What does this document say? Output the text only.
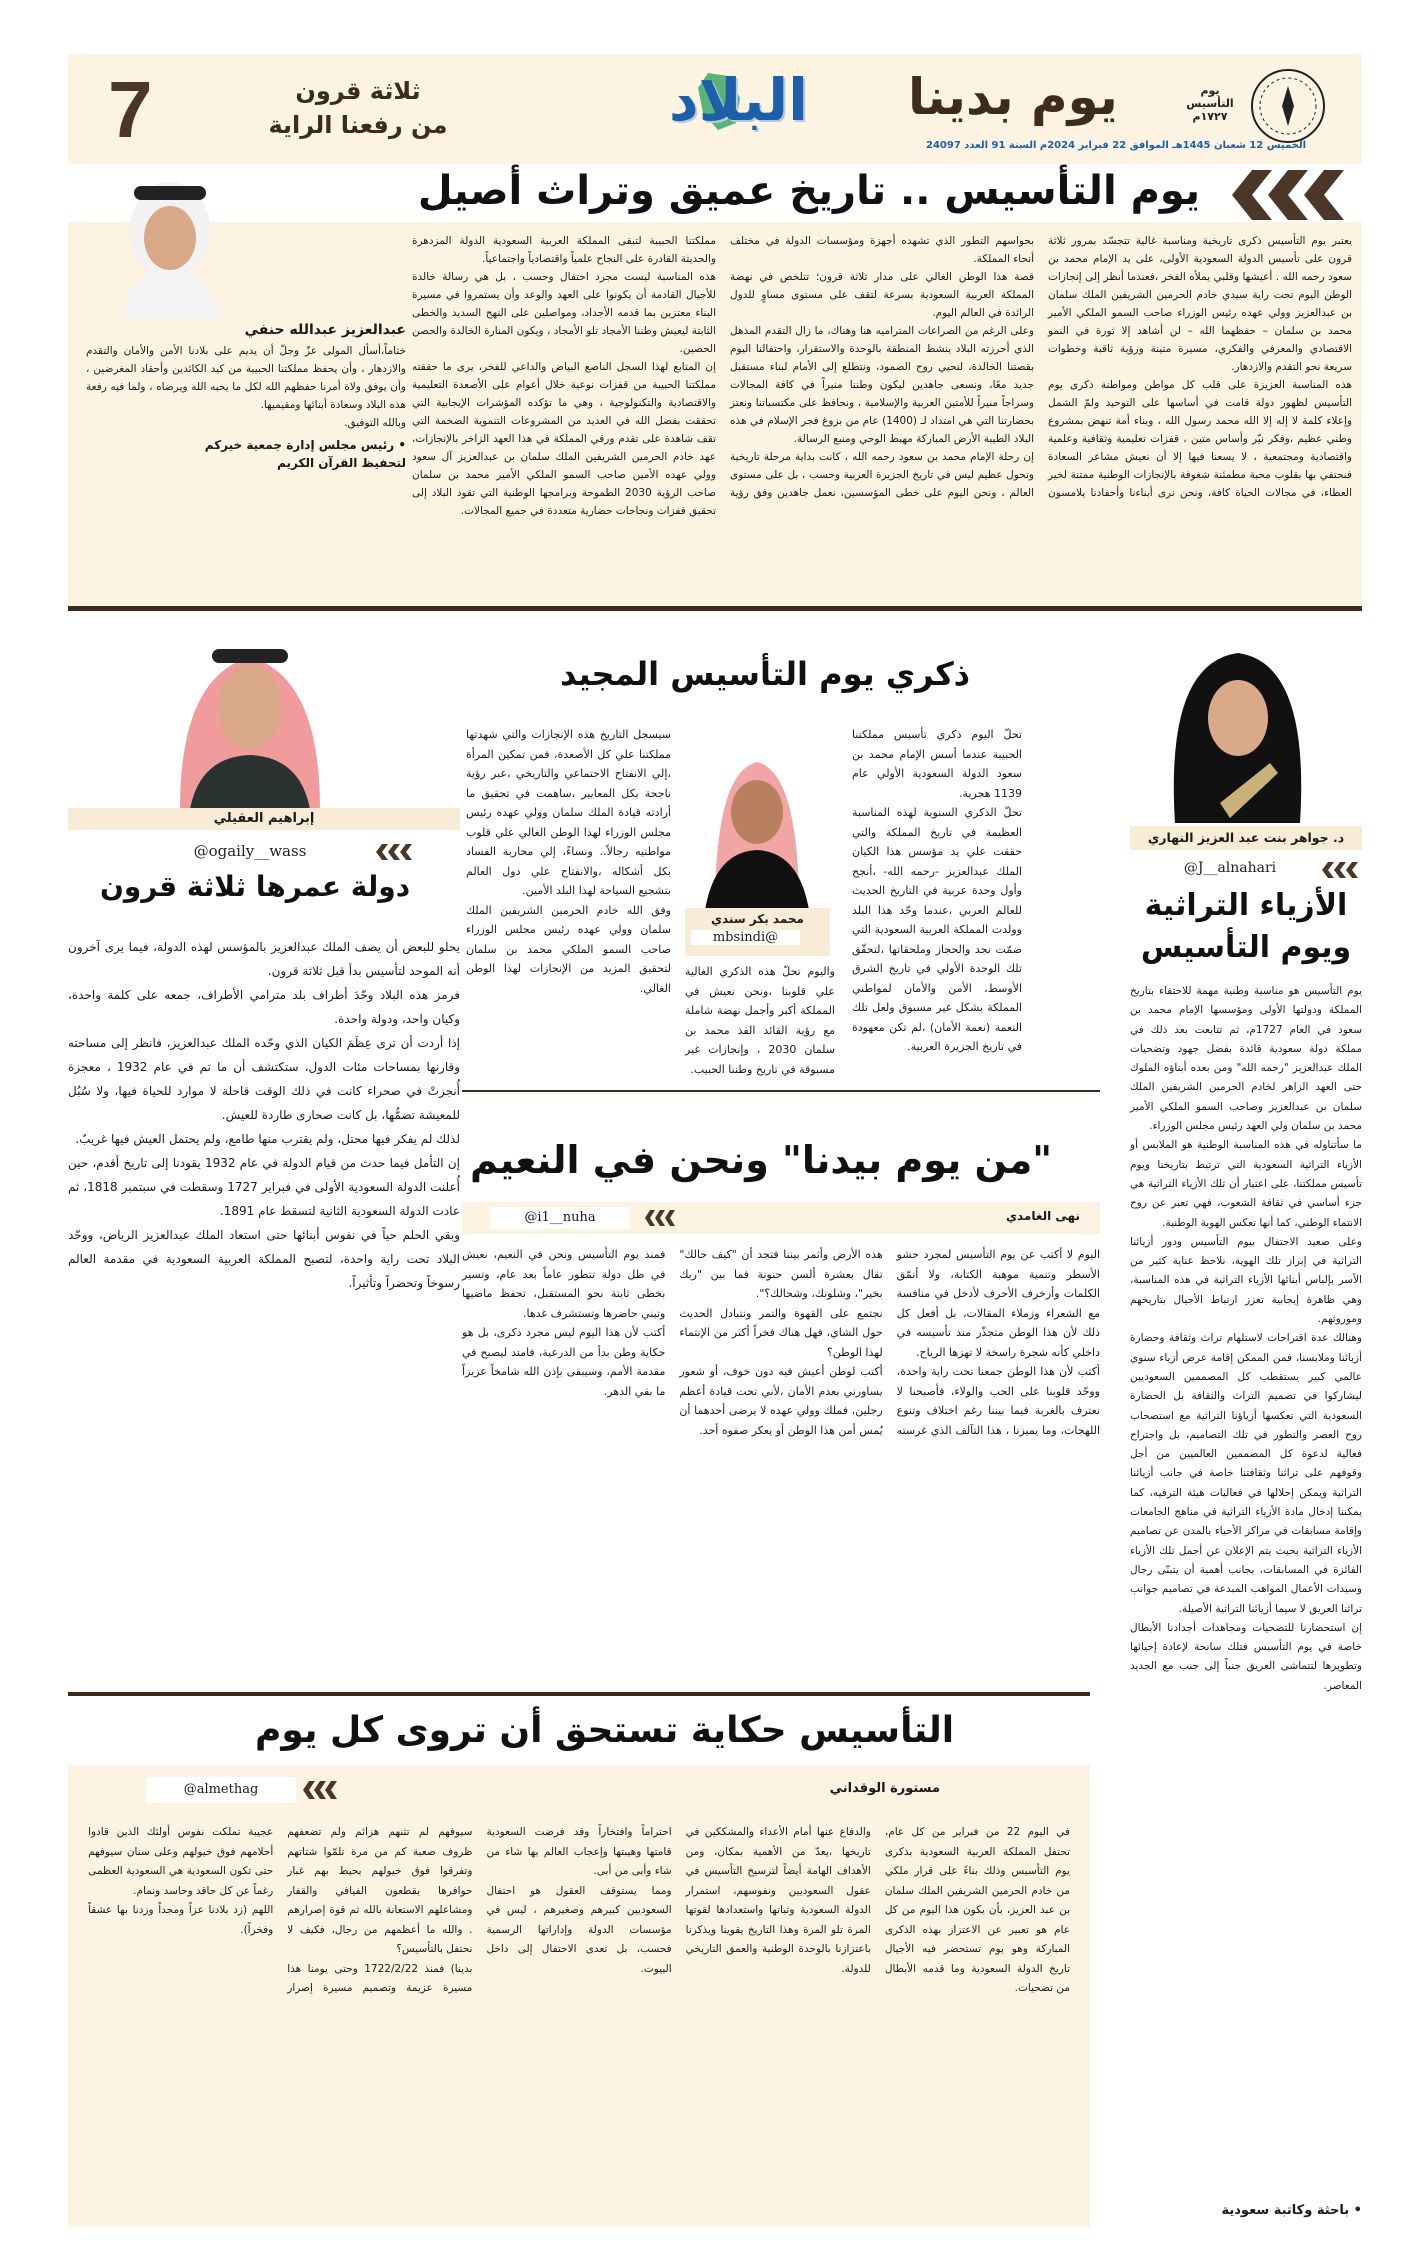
7	ثلاثة قرون
من رفعنا الراية	البلاد يوم بدينا
الخميس 12 شعبان 1445هـ الموافق 22 فبراير 2024م السنة 91 العدد 24097
يوم التأسيس ١٧٢٧م
يوم التأسيس .. تاريخ عميق وتراث أصيل

يعتبر يوم التأسيس ذكرى تاريخية ومناسبة غالية تتجسّد بمرور ثلاثة قرون على تأسيس الدولة السعودية الأولى، على يد الإمام محمد بن سعود رحمه الله . أعيشها وقلبي يملأه الفخر ،فعندما أنظر إلى إنجازات الوطن اليوم تحت راية سيدي خادم الحرمين الشريفين الملك سلمان بن عبدالعزيز وولي عهده رئيس الوزراء صاحب السمو الملكي الأمير محمد بن سلمان – حفظهما الله – لن أشاهد إلا ثورة في النمو الاقتصادي والمعرفي والفكري، مسيرة متينة ورؤية ثاقبة وخطوات سريعة نحو التقدم والازدهار.

هذه المناسبة العزيزة على قلب كل مواطن ومواطنة ذكرى يوم التأسيس لظهور دولة قامت في أساسها على التوحيد ولمّ الشمل وإعلاء كلمة لا إله إلا الله محمد رسول الله ، وبناء أمة تنهض بمشروع وطني عظيم ،وفكر نيّر وأساس متين ، قفزات تعليمية وثقافية وعلمية واقتصادية ومجتمعية ، لا يسعنا فيها إلا أن نعيش مشاعر السعادة فنحتفي بها بقلوب محبة مطمئنة شغوفة بالإنجازات الوطنية ممتنة لخير العطاء، في مجالات الحياة كافة، ونحن نرى أبناءنا وأحفادنا يلامسون بحواسهم التطور الذي تشهده أجهزة ومؤسسات الدولة في مختلف أنحاء المملكة.

قصة هذا الوطن الغالي على مدار ثلاثة قرون؛ تتلخص في نهضة المملكة العربية السعودية بسرعة لتقف على مستوى مساوٍ للدول الرائدة في العالم اليوم.

وعلى الرغم من الصراعات المتراميه هنا وهناك، ما زال التقدم المذهل الذي أحرزته البلاد ينشط المنطقة بالوحدة والاستقرار، واحتفالنا اليوم بقصتنا الخالدة، لنحيي روح الصمود، ونتطلع إلى الأمام لبناء مستقبل جديد معًا، ونسعى جاهدين ليكون وطننا منبراً في كافة المجالات وسراجاً منيراً للأمتين العربية والإسلامية ، ونحافظ على مكتسباتنا ونعتز بحضارتنا التي هي امتداد لـ (1400) عام من بزوغ فجر الإسلام في هذه البلاد الطيبة الأرض المباركة مهبط الوحي ومنبع الرسالة.

إن رحلة الإمام محمد بن سعود رحمه الله ، كانت بداية مرحلة تاريخية وتحول عظيم ليس في تاريخ الجزيرة العربية وحسب ، بل على مستوى العالم ، ونحن اليوم على خطى المؤسسين، نعمل جاهدين وفق رؤية مملكتنا الحبيبة لتبقى المملكة العربية السعودية الدولة المزدهرة والحديثة القادرة على النجاح علمياً واقتصادياً واجتماعياً.

هذه المناسبة ليست مجرد احتفال وحسب ، بل هي رسالة خالدة للأجيال القادمة أن يكونوا على العهد والوعد وأن يستمروا في مسيرة البناء معتزين بما قدمه الأجداد، ومواصلين على النهج السديد والخطى الثابتة ليعيش وطننا الأمجاد تلو الأمجاد ، ويكون المنارة الخالدة والحصن الحصين.

إن المتابع لهذا السجل الناصع البياض والداعي للفخر، يرى ما حققته مملكتنا الحبيبة من قفزات نوعية خلال أعوام على الأصعدة التعليمية والاقتصادية والتكنولوجية ، وهي ما تؤكده المؤشرات الإيجابية التي تحققت بفضل الله في العديد من المشروعات التنموية الضخمة التي تقف شاهدة على تقدم ورقي المملكة في هذا العهد الزاخر بالإنجازات، عهد خادم الحرمين الشريفين الملك سلمان بن عبدالعزيز آل سعود وولي عهده الأمين صاحب السمو الملكي الأمير محمد بن سلمان صاحب الرؤية 2030 الطموحة وبرامجها الوطنية التي تقود البلاد إلى تحقيق قفزات ونجاحات حضارية متعددة في جميع المجالات.

عبدالعزيز عبدالله حنفي

ختاماً،أسأل المولى عزّ وجلّ أن يديم على بلادنا الأمن والأمان والتقدم والازدهار ، وأن يحفظ مملكتنا الحبيبة من كيد الكائدين وأحقاد المغرضين ، وأن يوفق ولاة أمرنا حفظهم الله لكل ما يحبه الله ويرضاه ، ولما فيه رفعة هذه البلاد وسعادة أبنائها ومقيميها.

وبالله التوفيق.

• رئيس مجلس إدارة جمعية خيركم
لتحفيظ القرآن الكريم
إبراهيم العقيلي
@ogaily__wass
دولة عمرها ثلاثة قرون

يحلو للبعض أن يصف الملك عبدالعزيز بالمؤسس لهذه الدولة، فيما يرى آخرون أنه الموحد لتأسيس بدأ قبل ثلاثة قرون.

فرمز هذه البلاد وحّدَ أطراف بلد مترامي الأطراف، جمعه على كلمة واحدة، وكيان واحد، ودولة واحدة.

إذا أردت أن ترى عِظَمَ الكيان الذي وحّده الملك عبدالعزيز، فانظر إلى مساحته وقارنها بمساحات مئات الدول، ستكتشف أن ما تم في عام 1932 ، معجزة أُنجزتْ في صحراء كانت في ذلك الوقت قاحلة لا موارد للحياة فيها، ولا سُبُل للمعيشة تضمُّها، بل كانت صحارى طاردة للعيش.

لذلك لم يفكر فيها محتل، ولم يقترب منها طامع، ولم يحتمل العيش فيها غريبٌ.

إن التأمل فيما حدث من قيام الدولة في عام 1932 يقودنا إلى تاريخ أقدم، حين أُعلنت الدولة السعودية الأولى في فبراير 1727 وسقطت في سبتمبر 1818، ثم عادت الدولة السعودية الثانية لتسقط عام 1891.

وبقي الحلم حياً في نفوس أبنائها حتى استعاد الملك عبدالعزيز الرياض، ووحّد البلاد تحت راية واحدة، لتصبح المملكة العربية السعودية في مقدمة العالم رسوخاً وتحضراً وتأثيراً.

ذكري يوم التأسيس المجيد

تحلّ اليوم ذكري تأسيس مملكتنا الحبيبة عندما أسس الإمام محمد بن سعود الدولة السعودية الأولي عام 1139 هجرية.

تحلّ الذكري السنوية لهذه المناسبة العظيمة في تاريخ المملكة والتي حققت علي يد مؤسس هذا الكيان الملك عبدالعزيز -رحمه الله- ،أنجح وأول وحدة عربية في التاريخ الحديث للعالم العربي ،عندما وحّد هذا البلد وولدت المملكة العربية السعودية التي ضمّت نجد والحجاز وملحقاتها ،لتحقّق تلك الوحدة الأولي في تاريخ الشرق الأوسط، الأمن والأمان لمواطني المملكة بشكل غير مسبوق ولعل تلك النعمة (نعمة الأمان) ،لم تكن معهودة في تاريخ الجزيرة العربية.

محمد بكر سندي
@mbsindi

واليوم تحلّ هذه الذكري الغالية علي قلوبنا ،ونحن نعيش في المملكة أكبر وأجمل نهضة شاملة مع رؤية القائد الفذ محمد بن سلمان 2030 ، وإنجازات غير مسبوقة في تاريخ وطننا الحبيب.

سيسجل التاريخ هذه الإنجازات والتي شهدتها مملكتنا علي كل الأصعدة، فمن تمكين المرأة ،إلي الانفتاح الاجتماعي والتاريخي ،عبر رؤية ناجحة بكل المعايير ،ساهمت في تحقيق ما أرادته قيادة الملك سلمان وولي عهده رئيس مجلس الوزراء لهذا الوطن الغالي علي قلوب مواطنيه رجالاً.. ونساءً، إلي محاربة الفساد بكل أشكاله ،والانفتاح علي دول العالم بتشجيع السياحة لهذا البلد الأمين.

وفق الله خادم الحرمين الشريفين الملك سلمان وولي عهده رئيس مجلس الوزراء صاحب السمو الملكي محمد بن سلمان لتحقيق المزيد من الإنجازات لهذا الوطن الغالي.

"من يوم بيدنا" ونحن في النعيم
نهى الغامدي
@i1__nuha

اليوم لا أكتب عن يوم التأسيس لمجرد حشو الأسطر وتنمية موهبة الكتابة، ولا أنمّق الكلمات وأزخرف الأحرف لأدخل في منافسة مع الشعراء وزملاء المقالات، بل أفعل كل ذلك لأن هذا الوطن متجذّر منذ تأسيسه في داخلي كأنه شجرة راسخة لا تهزها الرياح.

أكتب لأن هذا الوطن جمعنا تحت راية واحدة، ووحّد قلوبنا على الحب والولاء، فأصبحنا لا نعترف بالغربة فيما بيننا رغم اختلاف وتنوع اللهجات، وما يميزنا ، هذا التآلف الذي غرسته هذه الأرض وأثمر بيننا فتجد أن "كيف حالك" تقال بعشرة ألسن حنونة فما بين "ربك بخير"، وشلونك، وشحالك؟".

نجتمع على القهوة والتمر ونتبادل الحديث حول الشاي، فهل هناك فخراً أكثر من الإنتماء لهذا الوطن؟

أكتب لوطن أعيش فيه دون خوف، أو شعور يساورني بعدم الأمان ،لأني تحت قيادة أعظم رجلين، فملك وولي عهده لا يرضى أحدهما أن يُمس أمن هذا الوطن أو يعكر صفوه أحد.

فمنذ يوم التأسيس ونحن في النعيم، نعيش في ظل دولة تتطور عاماً بعد عام، وتسير بخطى ثابتة نحو المستقبل، تحفظ ماضيها وتبني حاضرها وتستشرف غدها.

أكتب لأن هذا اليوم ليس مجرد ذكرى، بل هو حكاية وطن بدأ من الدرعية، فامتد ليصبح في مقدمة الأمم، وسيبقى بإذن الله شامخاً عزيزاً ما بقي الدهر.

د. جواهر بنت عبد العزيز النهاري
@J__alnahari
الأزياء التراثية
ويوم التأسيس

يوم التأسيس هو مناسبة وطنية مهمة للاحتفاء بتاريخ المملكة ودولتها الأولى ومؤسسها الإمام محمد بن سعود في العام 1727م، ثم تتابعت بعد ذلك في مملكة دولة سعودية قائدة بفضل جهود وتضحيات الملك عبدالعزيز "رحمه الله" ومن بعده أبناؤه الملوك حتى العهد الزاهر لخادم الحرمين الشريفين الملك سلمان بن عبدالعزيز وصاحب السمو الملكي الأمير محمد بن سلمان ولي العهد رئيس مجلس الوزراء.

ما سأتناوله في هذه المناسبة الوطنية هو الملابس أو الأزياء التراثية السعودية التي ترتبط بتاريخنا ويوم تأسيس مملكتنا، على اعتبار أن تلك الأزياء التراثية هي جزء أساسي في ثقافة الشعوب، فهي تعبر عن روح الانتماء الوطني، كما أنها تعكس الهوية الوطنية.

وعلى صعيد الاحتفال بيوم التأسيس ودور أزيائنا التراثية في إبراز تلك الهوية، نلاحظ عناية كثير من الأسر بإلباس أبنائها الأزياء التراثية في هذه المناسبة، وهي ظاهرة إيجابية تعزز ارتباط الأجيال بتاريخهم وموروثهم.

وهنالك عدة اقتراحات لاستلهام تراث وثقافة وحضارة أزيائنا وملابسنا، فمن الممكن إقامة عرض أزياء سنوي عالمي كبير يستقطب كل المصممين السعوديين ليشاركوا في تصميم التراث والثقافة بل الحضارة السعودية التي تعكسها أزياؤنا التراثية مع استصحاب روح العصر والتطور في تلك التصاميم، بل واجتراح فعالية لدعوة كل المصممين العالميين من أجل وقوفهم على تراثنا وثقافتنا خاصة في جانب أزيائنا التراثية ويمكن إحلالها في فعاليات هيئة الترفيه، كما يمكننا إدخال مادة الأزياء التراثية في مناهج الجامعات وإقامة مسابقات في مراكز الأحياء بالمدن عن تصاميم الأزياء التراثية بحيث يتم الإعلان عن أجمل تلك الأزياء الفائزة في المسابقات، بجانب أهمية أن يتبنّى رجال وسيدات الأعمال المواهب المبدعة في تصاميم جوانب تراثنا العريق لا سيما أزيائنا التراثية الأصيلة.

إن استحضارنا للتضحيات ومجاهدات أجدادنا الأبطال خاصة في يوم التأسيس فتلك سانحة لإعادة إحيائها وتطويرها لتتماشى العريق جنباً إلى جنب مع الجديد المعاصر.

• باحثة وكاتبة سعودية
التأسيس حكاية تستحق أن تروى كل يوم
مستورة الوقداني
@almethag

في اليوم 22 من فبراير من كل عام، تحتفل المملكة العربية السعودية بذكرى يوم التأسيس وذلك بناءً على قرار ملكي من خادم الحرمين الشريفين الملك سلمان بن عبد العزيز، بأن يكون هذا اليوم من كل عام هو تعبير عن الاعتزاز بهذه الذكرى المباركة وهو يوم تستحضر فيه الأجيال تاريخ الدولة السعودية وما قدمه الأبطال من تضحيات.

والدفاع عنها أمام الأعداء والمشككين في تاريخها ،يعدّ من الأهمية بمكان، ومن الأهداف الهامة أيضاً لترسيخ التأسيس في عقول السعوديين ونفوسهم، استمرار الدولة السعودية وثباتها واستعدادها لقوتها المرة تلو المرة وهذا التاريخ يقوينا ويذكرنا باعتزازنا بالوحدة الوطنية والعمق التاريخي للدولة.

احتراماً وافتخاراً وقد فرضت السعودية قامتها وهيبتها وإعجاب العالم بها شاء من شاء وأبى من أبى.

ومما يستوقف العقول هو احتفال السعوديين كبيرهم وصغيرهم ، ليس في مؤسسات الدولة وإداراتها الرسمية فحسب، بل تعدى الاحتفال إلى داخل البيوت.

سيوفهم لم تثنهم هزائم ولم تضعفهم ظروف صعبة كم من مرة تلمّوا شتاتهم وتفرقوا فوق خيولهم بحيط بهم غبار حوافرها يقطعون الفيافي والقفار ومشاعلهم الاستعانة بالله ثم قوة إصرارهم . والله ما أعظمهم من رجال، فكيف لا نحتفل بالتأسيس؟

بدينا) فمنذ 1722/2/22 وحتى يومنا هذا مسيرة عزيمة وتصميم مسيرة إصرار عجيبة تملكت نفوس أولئك الذين قادوا أحلامهم فوق خيولهم وعلى سنان سيوفهم حتى تكون السعودية هي السعودية العظمى رغماً عن كل حاقد وحاسد ونمام.

اللهم (زد بلادنا عزاً ومجداً وزدنا بها عشقاً وفخراً).
